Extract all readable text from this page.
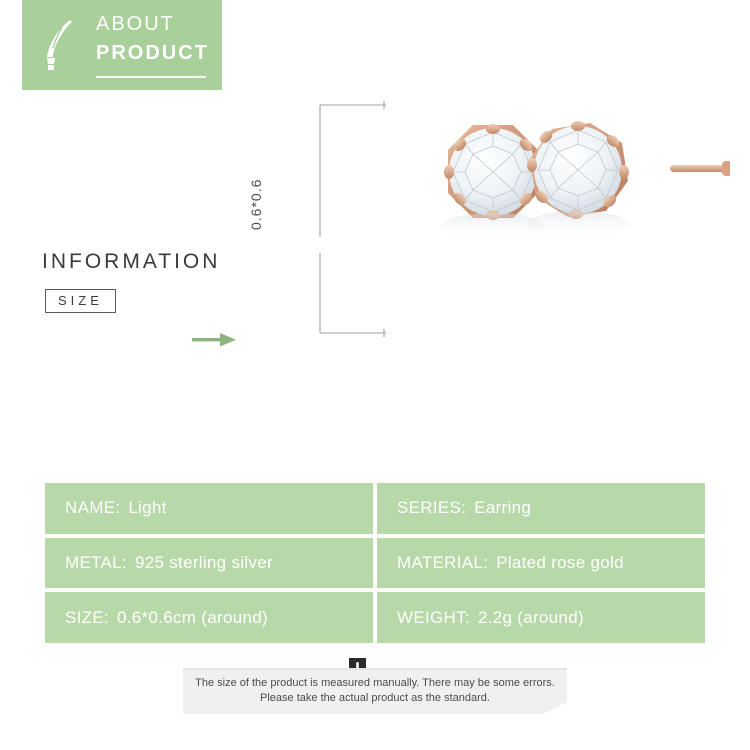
ABOUT
PRODUCT
INFORMATION
SIZE
0.6*0.6
NAME: Light	SERIES: Earring
METAL: 925 sterling silver	MATERIAL: Plated rose gold
SIZE: 0.6*0.6cm (around)	WEIGHT: 2.2g (around)
The size of the product is measured manually. There may be some errors.
Please take the actual product as the standard.
